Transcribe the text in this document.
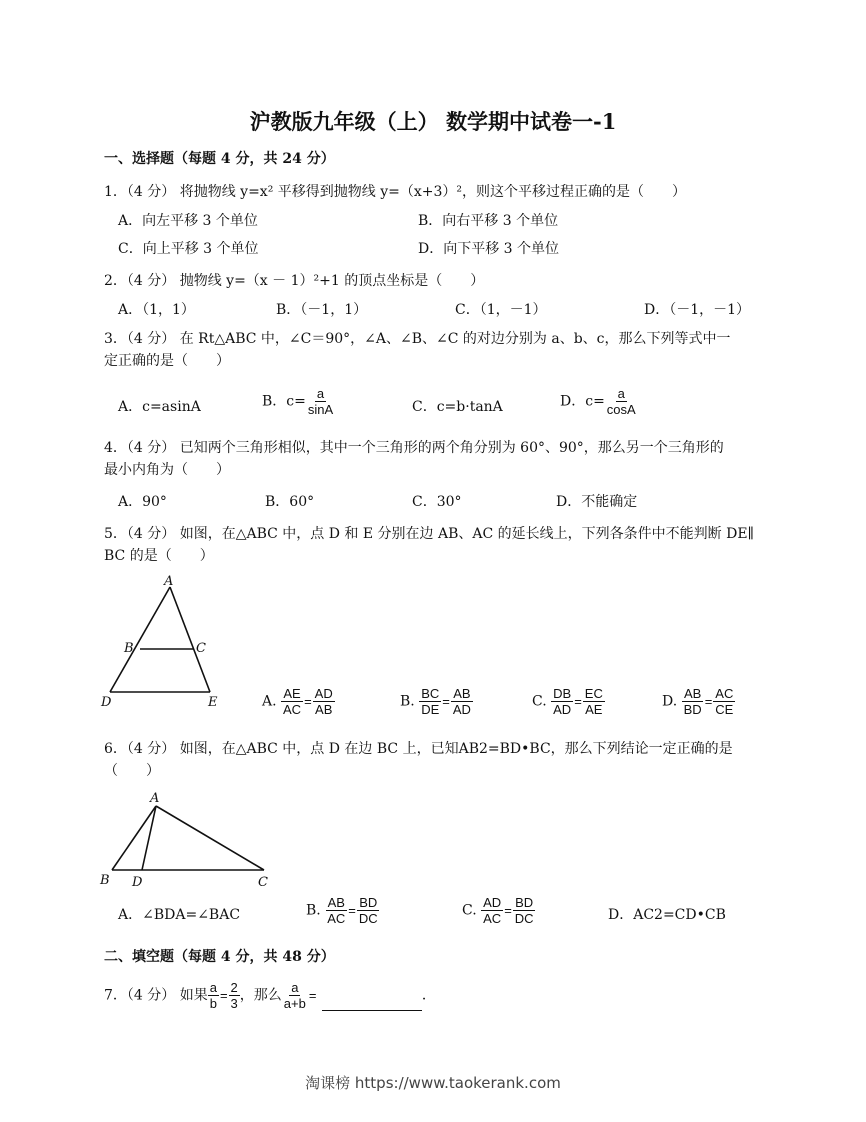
沪教版九年级（上） 数学期中试卷一-1
一、选择题（每题 4 分，共 24 分）
1．（4 分） 将抛物线 y=x² 平移得到抛物线 y=（x+3）²，则这个平移过程正确的是（　　）
A．向左平移 3 个单位	B．向右平移 3 个单位
C．向上平移 3 个单位	D．向下平移 3 个单位
2．（4 分） 抛物线 y=（x － 1）²+1 的顶点坐标是（　　）
A．（1，1）	B．（－1，1）	C．（1，－1）	D．（－1，－1）
3．（4 分） 在 Rt△ABC 中，∠C＝90°，∠A、∠B、∠C 的对边分别为 a、b、c，那么下列等式中一
定正确的是（　　）
A．c=asinA	B．$c= \frac{a}{\sin A}$	C．c=b·tanA	D．$c= \frac{a}{\cos A}$
4．（4 分） 已知两个三角形相似，其中一个三角形的两个角分别为 60°、90°，那么另一个三角形的
最小内角为（　　）
A．90°	B．60°	C．30°	D．不能确定
5．（4 分） 如图，在△ABC 中，点 D 和 E 分别在边 AB、AC 的延长线上，下列各条件中不能判断 DE∥
BC 的是（　　）
A
B	C
D	E	A. $\frac{AE}{AC} = \frac{AD}{AB}$	B. $\frac{BC}{DE} = \frac{AB}{AD}$	C. $\frac{DB}{AD} = \frac{EC}{AE}$	D. $\frac{AB}{BD} = \frac{AC}{CE}$
6．（4 分） 如图，在△ABC 中，点 D 在边 BC 上，已知AB2=BD•BC，那么下列结论一定正确的是
（　　）
A
B D	C
A．∠BDA=∠BAC	B. $\frac{AB}{AC} = \frac{BD}{DC}$	C. $\frac{AD}{AC} = \frac{BD}{DC}$	D．AC2=CD•CB
二、填空题（每题 4 分，共 48 分）
7．（4 分） 如果 $\frac{a}{b} = \frac{2}{3}$ ，那么 $\frac{a}{a+b}$ =	．
淘课榜 https://www.taokerank.com
